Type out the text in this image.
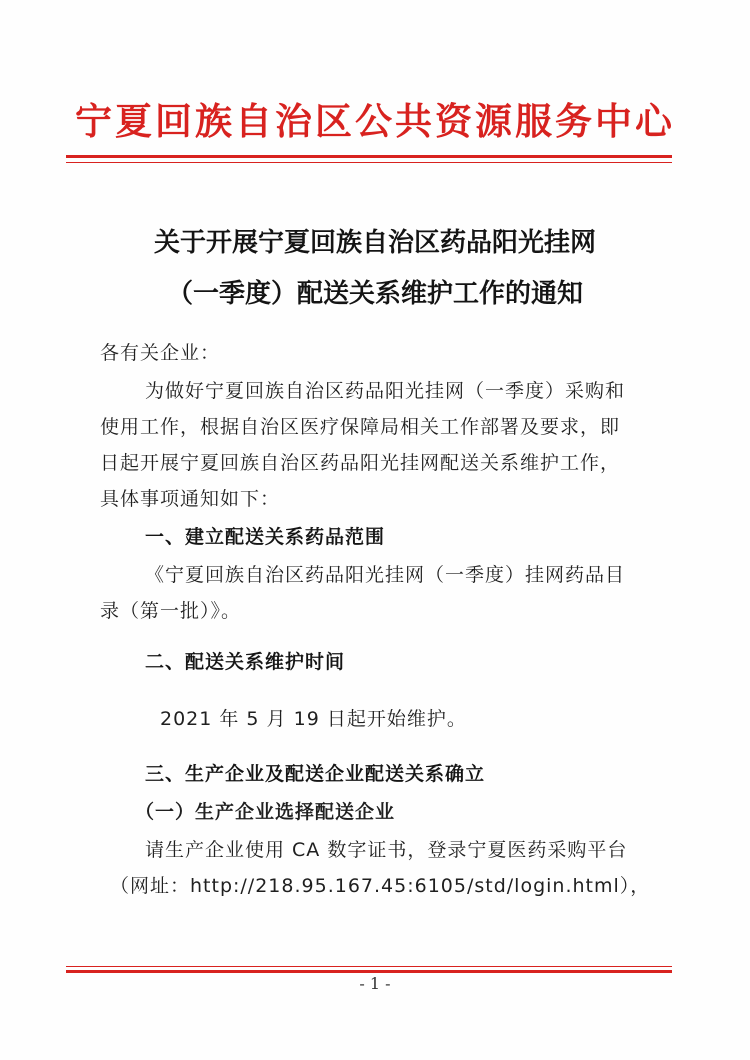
宁夏回族自治区公共资源服务中心
关于开展宁夏回族自治区药品阳光挂网
（一季度）配送关系维护工作的通知
各有关企业：
为做好宁夏回族自治区药品阳光挂网（一季度）采购和
使用工作，根据自治区医疗保障局相关工作部署及要求，即
日起开展宁夏回族自治区药品阳光挂网配送关系维护工作，
具体事项通知如下：
一、建立配送关系药品范围
《宁夏回族自治区药品阳光挂网（一季度）挂网药品目
录（第一批）》。
二、配送关系维护时间
2021 年 5 月 19 日起开始维护。
三、生产企业及配送企业配送关系确立
（一）生产企业选择配送企业
请生产企业使用 CA 数字证书，登录宁夏医药采购平台
（网址：http://218.95.167.45:6105/std/login.html），
- 1 -
